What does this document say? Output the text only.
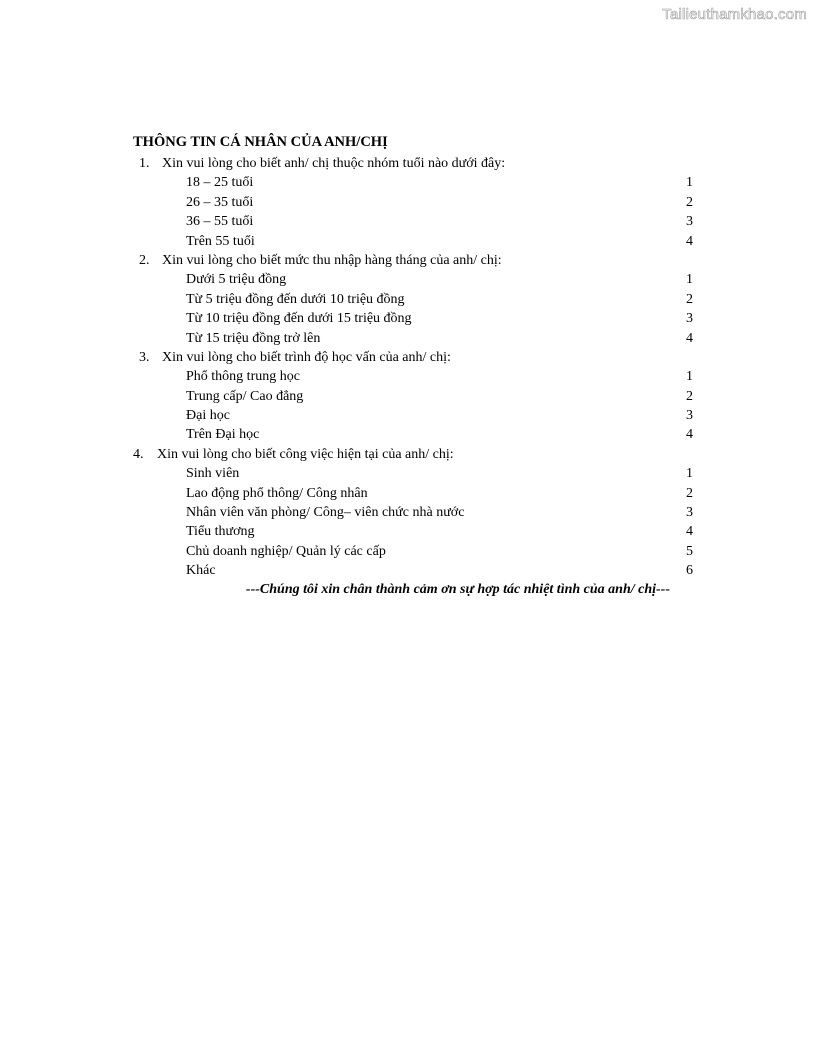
Tailieuthamkhao.com
THÔNG TIN CÁ NHÂN CỦA ANH/CHỊ
1. Xin vui lòng cho biết anh/ chị thuộc nhóm tuổi nào dưới đây:
18 – 25 tuổi	1
26 – 35 tuổi	2
36 – 55 tuổi	3
Trên 55 tuổi	4
2. Xin vui lòng cho biết mức thu nhập hàng tháng của anh/ chị:
Dưới 5 triệu đồng	1
Từ 5 triệu đồng đến dưới 10 triệu đồng	2
Từ 10 triệu đồng đến dưới 15 triệu đồng	3
Từ 15 triệu đồng trở lên	4
3. Xin vui lòng cho biết trình độ học vấn của anh/ chị:
Phổ thông trung học	1
Trung cấp/ Cao đẳng	2
Đại học	3
Trên Đại học	4
4. Xin vui lòng cho biết công việc hiện tại của anh/ chị:
Sinh viên	1
Lao động phổ thông/ Công nhân	2
Nhân viên văn phòng/ Công– viên chức nhà nước	3
Tiểu thương	4
Chủ doanh nghiệp/ Quản lý các cấp	5
Khác	6
---Chúng tôi xin chân thành cảm ơn sự hợp tác nhiệt tình của anh/ chị---
